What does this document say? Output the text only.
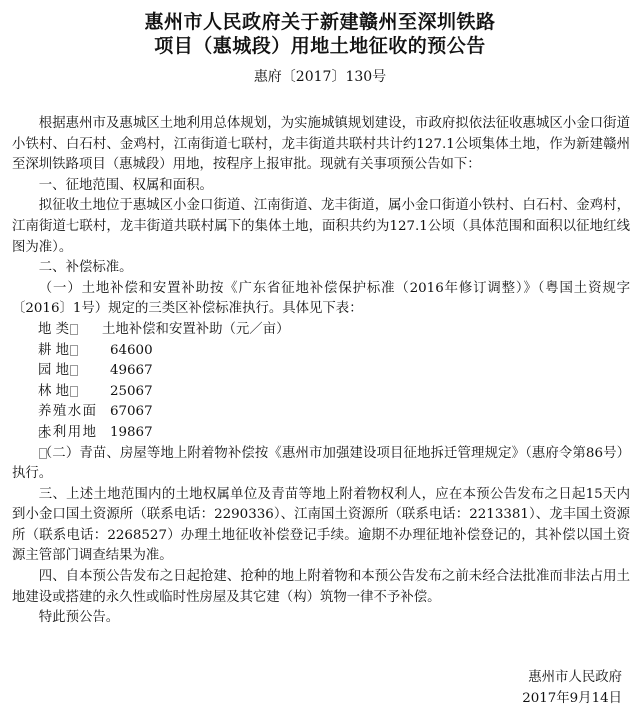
惠州市人民政府关于新建赣州至深圳铁路
项目（惠城段）用地土地征收的预公告
惠府〔2017〕130号

根据惠州市及惠城区土地利用总体规划，为实施城镇规划建设，市政府拟依法征收惠城区小金口街道小铁村、白石村、金鸡村，江南街道七联村，龙丰街道共联村共计约127.1公顷集体土地，作为新建赣州至深圳铁路项目（惠城段）用地，按程序上报审批。现就有关事项预公告如下：

一、征地范围、权属和面积。

拟征收土地位于惠城区小金口街道、江南街道、龙丰街道，属小金口街道小铁村、白石村、金鸡村，江南街道七联村，龙丰街道共联村属下的集体土地，面积共约为127.1公顷（具体范围和面积以征地红线图为准）。

二、补偿标准。

（一）土地补偿和安置补助按《广东省征地补偿保护标准（2016年修订调整）》（粤国土资规字〔2016〕1号）规定的三类区补偿标准执行。具体见下表：

地 类	土地补偿和安置补助（元／亩）
耕 地	64600
园 地	49667
林 地	25067
养殖水面	67067
未利用地	19867

（二）青苗、房屋等地上附着物补偿按《惠州市加强建设项目征地拆迁管理规定》（惠府令第86号）执行。

三、上述土地范围内的土地权属单位及青苗等地上附着物权利人，应在本预公告发布之日起15天内到小金口国土资源所（联系电话：2290336）、江南国土资源所（联系电话：2213381）、龙丰国土资源所（联系电话：2268527）办理土地征收补偿登记手续。逾期不办理征地补偿登记的，其补偿以国土资源主管部门调查结果为准。

四、自本预公告发布之日起抢建、抢种的地上附着物和本预公告发布之前未经合法批准而非法占用土地建设或搭建的永久性或临时性房屋及其它建（构）筑物一律不予补偿。

特此预公告。

惠州市人民政府
2017年9月14日
